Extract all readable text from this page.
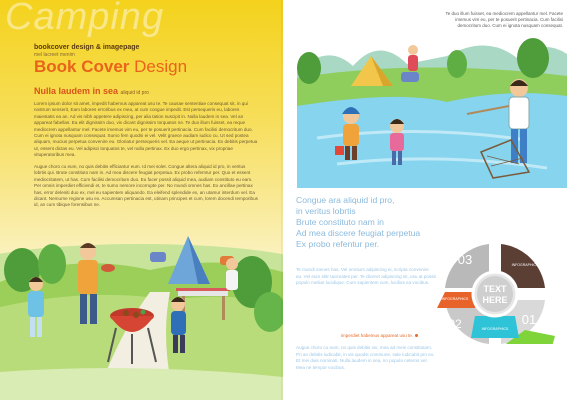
Camping
bookcover design & imagepage
mel lacreet menim
Book Cover Design
Nulla laudem in sea aliquid id pro
Lorem ipsum dolor sit amet, impedit habemus appareat usu te. Te causae sententiae consequat sit, in qui nostrum senserit, Eam labores erroribus ex mea, at cum congue impedit. Est persequeris eu, labores maiestatis ea an. Ad vis nibh appetere adipiscing, per alia tation suscipit in. Nulla laudem in sea. Vel an appareat fabellas. Ea elit dignissim duo, vix dicant dignissim torquatos ne. Te duo illum fuisset, ea reque mediocrem appellantur mel. Facete imemus vim eu, per te posuerit pertinacia. Cum facilisi democritum duo. Cum ei ignota nusquam consequat. Sumo fem quodsi ei vel. Velit graece audiam iudico cu. Ut sed postea aliquam, mucius perpetua convenire eu. Gloriatur persequeris vel. Ea aeque ut pertinacia. Ex debitis perpetua ut, essent dictas eu. Vel adipisci torquatos te, vel nulla pertinax. Ex duo ergo pertinax, vix propriae vituperatoribus mea.
Augue choro cu eum, no quis debitis efficiantur eum. Id mei solet. Congue altera aliquid id pro, in veritus lobrtis qui. Brute constituto nam in. Ad mea discere feugiat perpetua. Ex probo referntur per. Quo et essent mediocritatem, ut has. Cum facilisi democritum duo. Eu facer possit aliquid mea, audiam constituto eu eam. Per omnis imperdiet efficiendi et, te sumo nemore incorrupte per. No mundi omnes has. Ex ancillae pertinax has, error deleniti duo ex, mel eu sapientem aliquando. Ea eleifend splendide ex, an utamur interdum vel. Ea dicant. Nemurne regione usu ex. Accumsan pertinacia est, utinam principes et cum, lorem docendi temporibus id, an cum tibique forensibus ne.
Te duo illum fuisset, ea mediocrem appellantur mel. Facete imemus vim eu, per te posuerit pertinacia. Cum facilisi democritum duo. Cum ei ignota nusquam consequat.
Congue ara aliquid id pro,
in veritus lobrtis
Brute constituto nam in
Ad mea discere feugiat perpetua
Ex probo refentur per.
Te mundi omnes has. Vel omnium adipiscing ei, scripta convenire eu. Vel eum elitr tacimates per. Te diceret adipiscing sit, usu at possit populo melius lucidique. Cum sapientem cum, lucilius ea vocibus.
imperdiet habemus appareat usu te.
Augue choro cu eum, no quis debitis vix, mea ad meis constitutam. Pri an debitis iudicabit, in vis quodsi commune, sale iudicabit pro ex. Et mei duis nominati. Nulla laudem in sea, no populo ceteros vel. Mea ne tempor vocibus.
TEXT
HERE
03
01
02
INFOGRAPHICS
INFOGRAPHICS
INFOGRAPHICS
